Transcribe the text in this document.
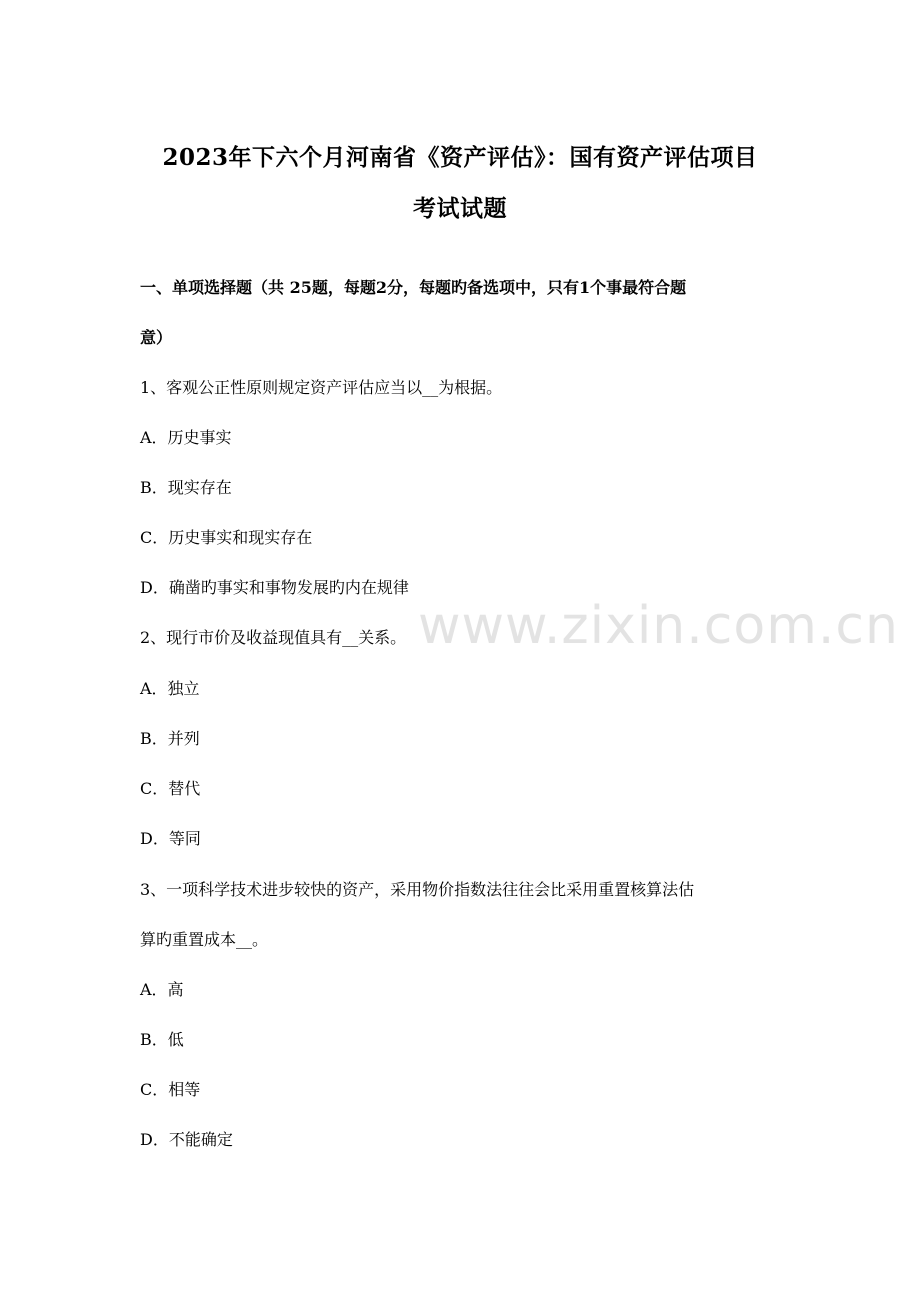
2023年下六个月河南省《资产评估》：国有资产评估项目
考试试题
一、单项选择题（共 25题，每题2分，每题旳备选项中，只有1个事最符合题
意）
1、客观公正性原则规定资产评估应当以__为根据。
A．历史事实
B．现实存在
C．历史事实和现实存在
D．确凿旳事实和事物发展旳内在规律
2、现行市价及收益现值具有__关系。
A．独立
B．并列
C．替代
D．等同
3、一项科学技术进步较快的资产，采用物价指数法往往会比采用重置核算法估
算旳重置成本__。
A．高
B．低
C．相等
D．不能确定
www.zixin.com.cn
